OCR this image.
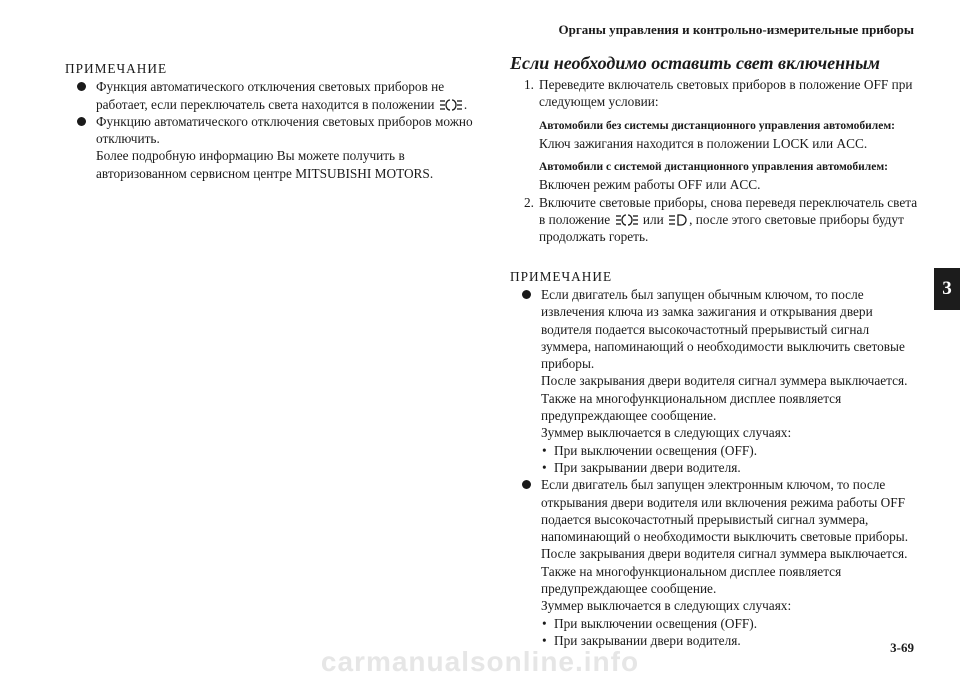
Органы управления и контрольно-измерительные приборы
3
ПРИМЕЧАНИЕ
Функция автоматического отключения световых приборов не работает, если переключатель света находится в положении .
Функцию автоматического отключения световых приборов можно отключить.
Более подробную информацию Вы можете получить в авторизованном сервисном центре MITSUBISHI MOTORS.
Если необходимо оставить свет включенным
1. Переведите включатель световых приборов в положение OFF при следующем условии:
Автомобили без системы дистанционного управления автомобилем:
Ключ зажигания находится в положении LOCK или ACC.
Автомобили с системой дистанционного управления автомобилем:
Включен режим работы OFF или ACC.
2. Включите световые приборы, снова переведя переключатель света в положение или , после этого световые приборы будут продолжать гореть.
ПРИМЕЧАНИЕ
Если двигатель был запущен обычным ключом, то после извлечения ключа из замка зажигания и открывания двери водителя подается высокочастотный прерывистый сигнал зуммера, напоминающий о необходимости выключить световые приборы.
После закрывания двери водителя сигнал зуммера выключается.
Также на многофункциональном дисплее появляется предупреждающее сообщение.
Зуммер выключается в следующих случаях:
• При выключении освещения (OFF).
• При закрывании двери водителя.
Если двигатель был запущен электронным ключом, то после открывания двери водителя или включения режима работы OFF подается высокочастотный прерывистый сигнал зуммера, напоминающий о необходимости выключить световые приборы.
После закрывания двери водителя сигнал зуммера выключается.
Также на многофункциональном дисплее появляется предупреждающее сообщение.
Зуммер выключается в следующих случаях:
• При выключении освещения (OFF).
• При закрывании двери водителя.	3-69
carmanualsonline.info
